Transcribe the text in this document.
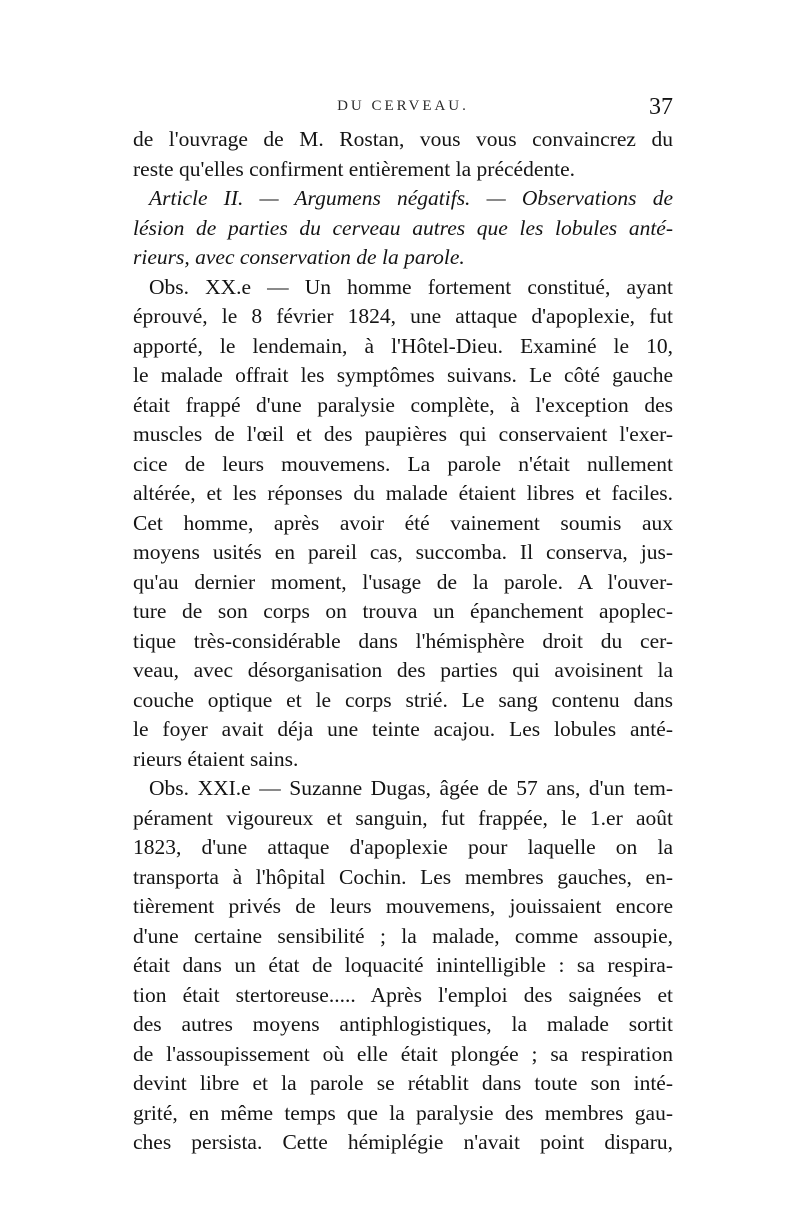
DU CERVEAU.	37
de l'ouvrage de M. Rostan, vous vous convaincrez du
reste qu'elles confirment entièrement la précédente.
Article II. — Argumens négatifs. — Observations de
lésion de parties du cerveau autres que les lobules anté-
rieurs, avec conservation de la parole.
Obs. XX.e — Un homme fortement constitué, ayant
éprouvé, le 8 février 1824, une attaque d'apoplexie, fut
apporté, le lendemain, à l'Hôtel-Dieu. Examiné le 10,
le malade offrait les symptômes suivans. Le côté gauche
était frappé d'une paralysie complète, à l'exception des
muscles de l'œil et des paupières qui conservaient l'exer-
cice de leurs mouvemens. La parole n'était nullement
altérée, et les réponses du malade étaient libres et faciles.
Cet homme, après avoir été vainement soumis aux
moyens usités en pareil cas, succomba. Il conserva, jus-
qu'au dernier moment, l'usage de la parole. A l'ouver-
ture de son corps on trouva un épanchement apoplec-
tique très-considérable dans l'hémisphère droit du cer-
veau, avec désorganisation des parties qui avoisinent la
couche optique et le corps strié. Le sang contenu dans
le foyer avait déja une teinte acajou. Les lobules anté-
rieurs étaient sains.
Obs. XXI.e — Suzanne Dugas, âgée de 57 ans, d'un tem-
pérament vigoureux et sanguin, fut frappée, le 1.er août
1823, d'une attaque d'apoplexie pour laquelle on la
transporta à l'hôpital Cochin. Les membres gauches, en-
tièrement privés de leurs mouvemens, jouissaient encore
d'une certaine sensibilité ; la malade, comme assoupie,
était dans un état de loquacité inintelligible : sa respira-
tion était stertoreuse..... Après l'emploi des saignées et
des autres moyens antiphlogistiques, la malade sortit
de l'assoupissement où elle était plongée ; sa respiration
devint libre et la parole se rétablit dans toute son inté-
grité, en même temps que la paralysie des membres gau-
ches persista. Cette hémiplégie n'avait point disparu,
